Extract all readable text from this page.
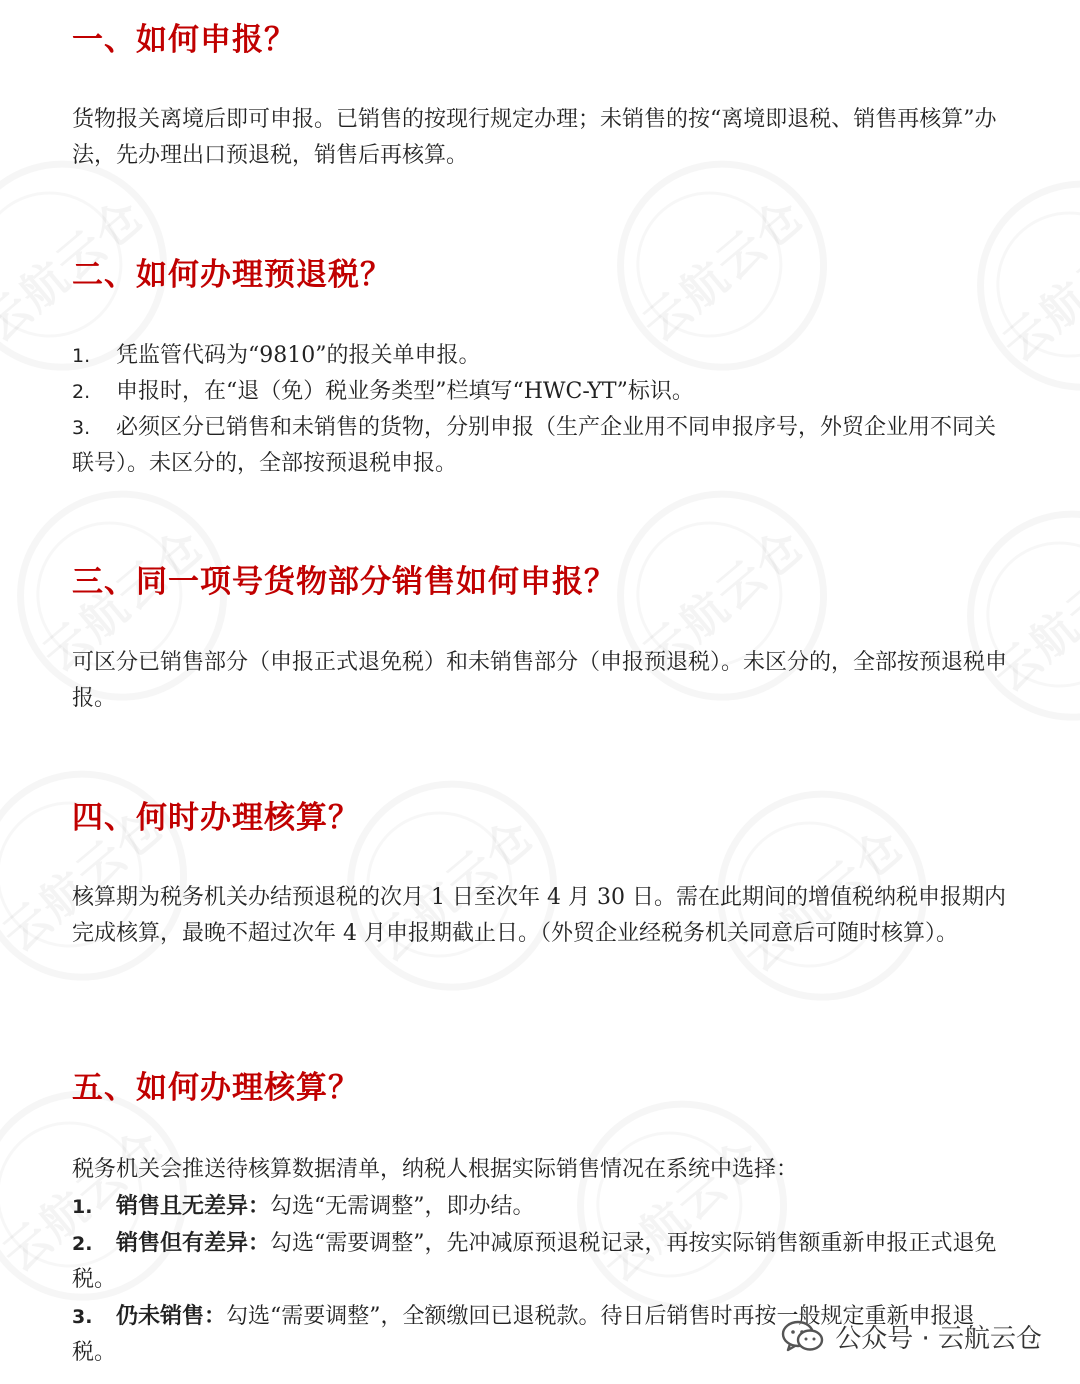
一、如何申报？
货物报关离境后即可申报。已销售的按现行规定办理；未销售的按“离境即退税、销售再核算”办法，先办理出口预退税，销售后再核算。
二、如何办理预退税？

1. 凭监管代码为“9810”的报关单申报。

2. 申报时，在“退（免）税业务类型”栏填写“HWC-YT”标识。

3. 必须区分已销售和未销售的货物，分别申报（生产企业用不同申报序号，外贸企业用不同关联号）。未区分的，全部按预退税申报。

三、同一项号货物部分销售如何申报？
可区分已销售部分（申报正式退免税）和未销售部分（申报预退税）。未区分的，全部按预退税申报。
四、何时办理核算？
核算期为税务机关办结预退税的次月 1 日至次年 4 月 30 日。需在此期间的增值税纳税申报期内完成核算，最晚不超过次年 4 月申报期截止日。（外贸企业经税务机关同意后可随时核算）。
五、如何办理核算？

税务机关会推送待核算数据清单，纳税人根据实际销售情况在系统中选择：

1. 销售且无差异：勾选“无需调整”，即办结。

2. 销售但有差异：勾选“需要调整”，先冲减原预退税记录，再按实际销售额重新申报正式退免税。

3. 仍未销售：勾选“需要调整”，全额缴回已退税款。待日后销售时再按一般规定重新申报退税。	公众号 · 云航云仓
